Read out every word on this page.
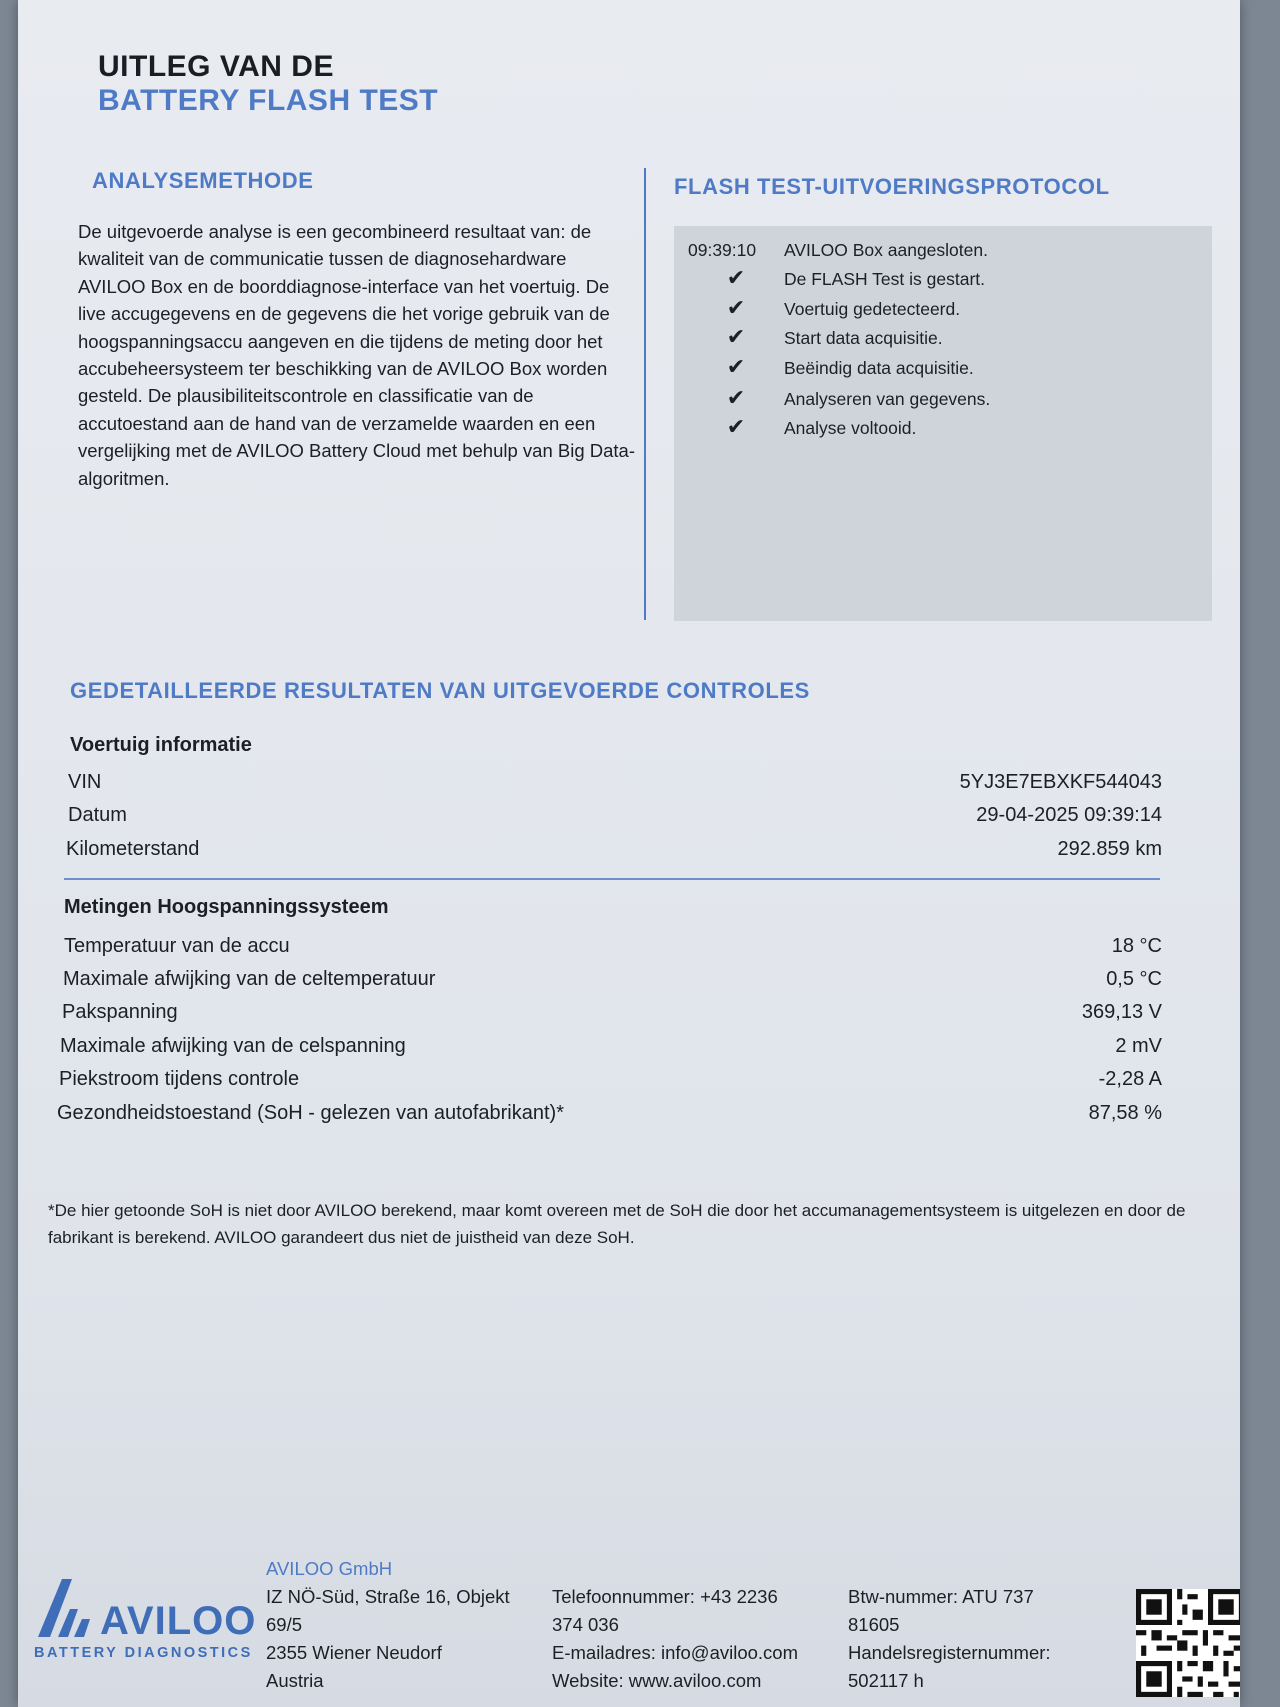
UITLEG VAN DE
BATTERY FLASH TEST
ANALYSEMETHODE
De uitgevoerde analyse is een gecombineerd resultaat van: de kwaliteit van de communicatie tussen de diagnosehardware AVILOO Box en de boorddiagnose-interface van het voertuig. De live accugegevens en de gegevens die het vorige gebruik van de hoogspanningsaccu aangeven en die tijdens de meting door het accubeheersysteem ter beschikking van de AVILOO Box worden gesteld. De plausibiliteitscontrole en classificatie van de accutoestand aan de hand van de verzamelde waarden en een vergelijking met de AVILOO Battery Cloud met behulp van Big Data-algoritmen.
FLASH TEST-UITVOERINGSPROTOCOL
09:39:10 AVILOO Box aangesloten.
✔ De FLASH Test is gestart.
✔ Voertuig gedetecteerd.
✔ Start data acquisitie.
✔ Beëindig data acquisitie.
✔ Analyseren van gegevens.
✔ Analyse voltooid.
GEDETAILLEERDE RESULTATEN VAN UITGEVOERDE CONTROLES
Voertuig informatie
VIN	5YJ3E7EBXKF544043
Datum	29-04-2025 09:39:14
Kilometerstand	292.859 km
Metingen Hoogspanningssysteem
Temperatuur van de accu	18 °C
Maximale afwijking van de celtemperatuur	0,5 °C
Pakspanning	369,13 V
Maximale afwijking van de celspanning	2 mV
Piekstroom tijdens controle	-2,28 A
Gezondheidstoestand (SoH - gelezen van autofabrikant)*	87,58 %
*De hier getoonde SoH is niet door AVILOO berekend, maar komt overeen met de SoH die door het accumanagementsysteem is uitgelezen en door de fabrikant is berekend. AVILOO garandeert dus niet de juistheid van deze SoH.
AVILOO
BATTERY DIAGNOSTICS
AVILOO GmbH
IZ NÖ-Süd, Straße 16, Objekt
69/5
2355 Wiener Neudorf
Austria
Telefoonnummer: +43 2236
374 036
E-mailadres: info@aviloo.com
Website: www.aviloo.com
Btw-nummer: ATU 737
81605
Handelsregisternummer:
502117 h
